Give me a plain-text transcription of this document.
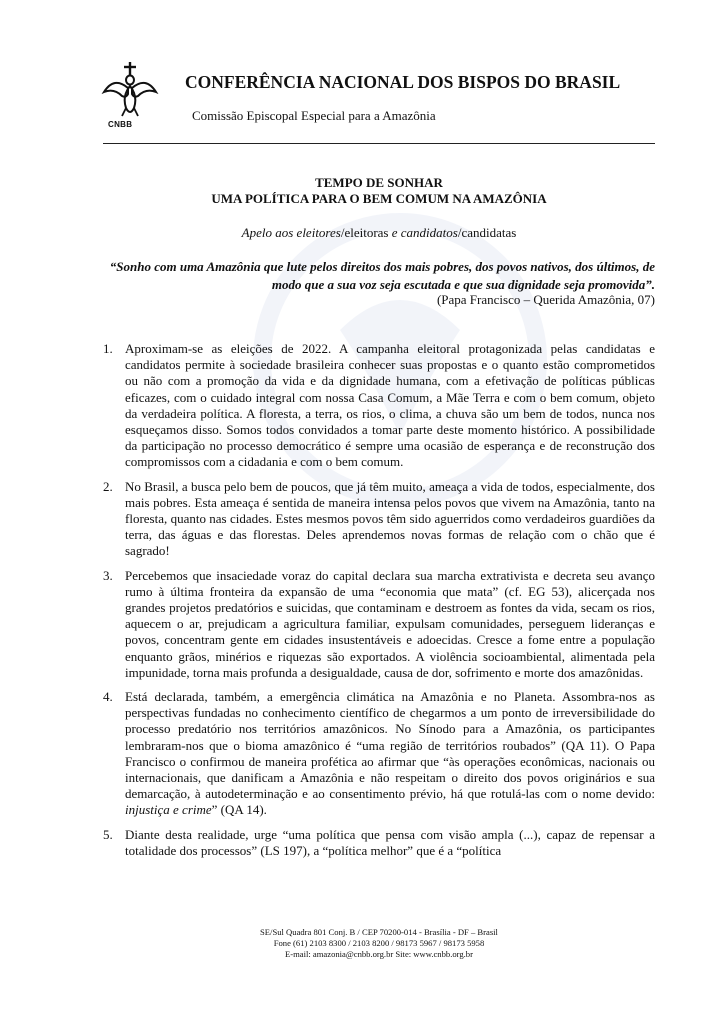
CNBB
CONFERÊNCIA NACIONAL DOS BISPOS DO BRASIL
Comissão Episcopal Especial para a Amazônia
TEMPO DE SONHAR
UMA POLÍTICA PARA O BEM COMUM NA AMAZÔNIA
Apelo aos eleitores/eleitoras e candidatos/candidatas
“Sonho com uma Amazônia que lute pelos direitos dos mais pobres, dos povos nativos, dos últimos, de modo que a sua voz seja escutada e que sua dignidade seja promovida”.
(Papa Francisco – Querida Amazônia, 07)
1. Aproximam-se as eleições de 2022. A campanha eleitoral protagonizada pelas candidatas e candidatos permite à sociedade brasileira conhecer suas propostas e o quanto estão comprometidos ou não com a promoção da vida e da dignidade humana, com a efetivação de políticas públicas eficazes, com o cuidado integral com nossa Casa Comum, a Mãe Terra e com o bem comum, objeto da verdadeira política. A floresta, a terra, os rios, o clima, a chuva são um bem de todos, nunca nos esqueçamos disso. Somos todos convidados a tomar parte deste momento histórico. A possibilidade da participação no processo democrático é sempre uma ocasião de esperança e de reconstrução dos compromissos com a cidadania e com o bem comum.
2. No Brasil, a busca pelo bem de poucos, que já têm muito, ameaça a vida de todos, especialmente, dos mais pobres. Esta ameaça é sentida de maneira intensa pelos povos que vivem na Amazônia, tanto na floresta, quanto nas cidades. Estes mesmos povos têm sido aguerridos como verdadeiros guardiões da terra, das águas e das florestas. Deles aprendemos novas formas de relação com o chão que é sagrado!
3. Percebemos que insaciedade voraz do capital declara sua marcha extrativista e decreta seu avanço rumo à última fronteira da expansão de uma “economia que mata” (cf. EG 53), alicerçada nos grandes projetos predatórios e suicidas, que contaminam e destroem as fontes da vida, secam os rios, aquecem o ar, prejudicam a agricultura familiar, expulsam comunidades, perseguem lideranças e povos, concentram gente em cidades insustentáveis e adoecidas. Cresce a fome entre a população enquanto grãos, minérios e riquezas são exportados. A violência socioambiental, alimentada pela impunidade, torna mais profunda a desigualdade, causa de dor, sofrimento e morte dos amazônidas.
4. Está declarada, também, a emergência climática na Amazônia e no Planeta. Assombra-nos as perspectivas fundadas no conhecimento científico de chegarmos a um ponto de irreversibilidade do processo predatório nos territórios amazônicos. No Sínodo para a Amazônia, os participantes lembraram-nos que o bioma amazônico é “uma região de territórios roubados” (QA 11). O Papa Francisco o confirmou de maneira profética ao afirmar que “às operações econômicas, nacionais ou internacionais, que danificam a Amazônia e não respeitam o direito dos povos originários e sua demarcação, à autodeterminação e ao consentimento prévio, há que rotulá-las com o nome devido: injustiça e crime” (QA 14).
5. Diante desta realidade, urge “uma política que pensa com visão ampla (...), capaz de repensar a totalidade dos processos” (LS 197), a “política melhor” que é a “política
SE/Sul Quadra 801 Conj. B / CEP 70200-014 - Brasília - DF – Brasil
Fone (61) 2103 8300 / 2103 8200 / 98173 5967 / 98173 5958
E-mail: amazonia@cnbb.org.br Site: www.cnbb.org.br
